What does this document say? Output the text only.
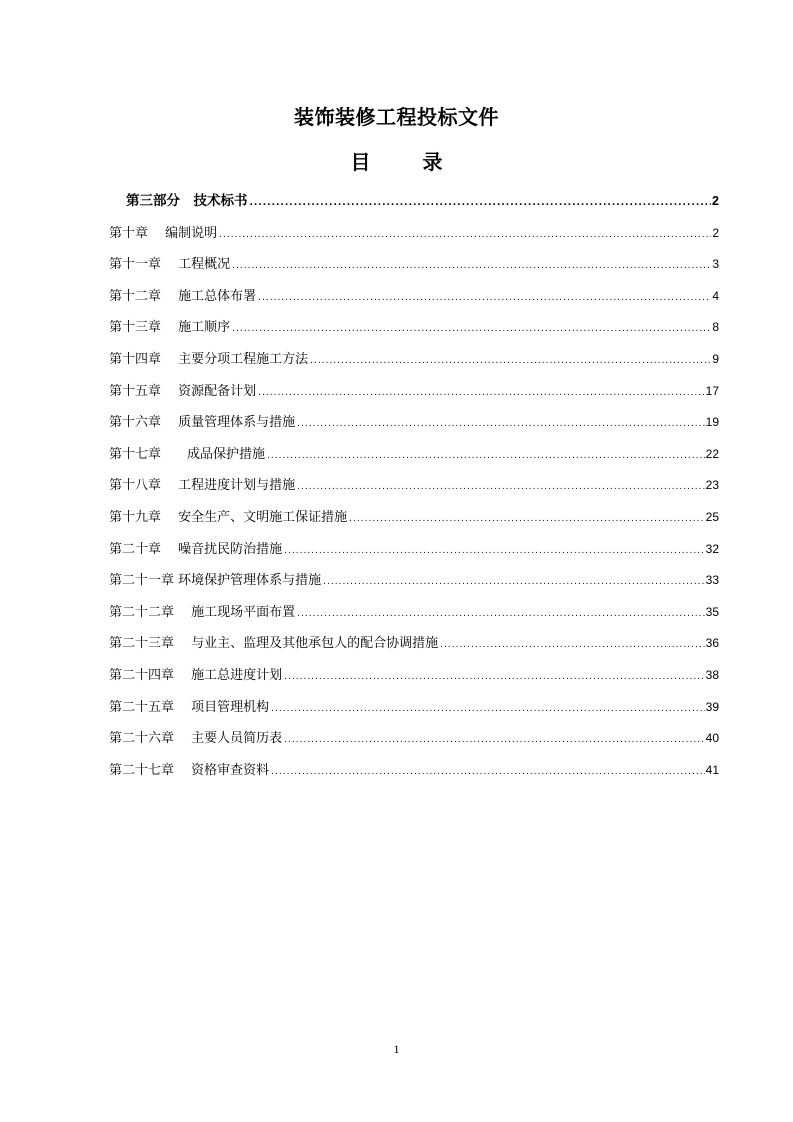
装饰装修工程投标文件
目	录
第三部分　技术标书 .....	2
第十章　 编制说明 .....	2
第十一章　 工程概况 .....	3
第十二章　 施工总体布署 .....	4
第十三章　 施工顺序 .....	8
第十四章　 主要分项工程施工方法 .....	9
第十五章　 资源配备计划 .....	17
第十六章　 质量管理体系与措施 .....	19
第十七章　　成品保护措施 .....	22
第十八章　 工程进度计划与措施 .....	23
第十九章　 安全生产、文明施工保证措施 .....	25
第二十章　 噪音扰民防治措施 .....	32
第二十一章 环境保护管理体系与措施 .....	33
第二十二章　 施工现场平面布置 .....	35
第二十三章　 与业主、监理及其他承包人的配合协调措施 .....	36
第二十四章　 施工总进度计划 .....	38
第二十五章　 项目管理机构 .....	39
第二十六章　 主要人员简历表 .....	40
第二十七章　 资格审查资料 .....	41
1
